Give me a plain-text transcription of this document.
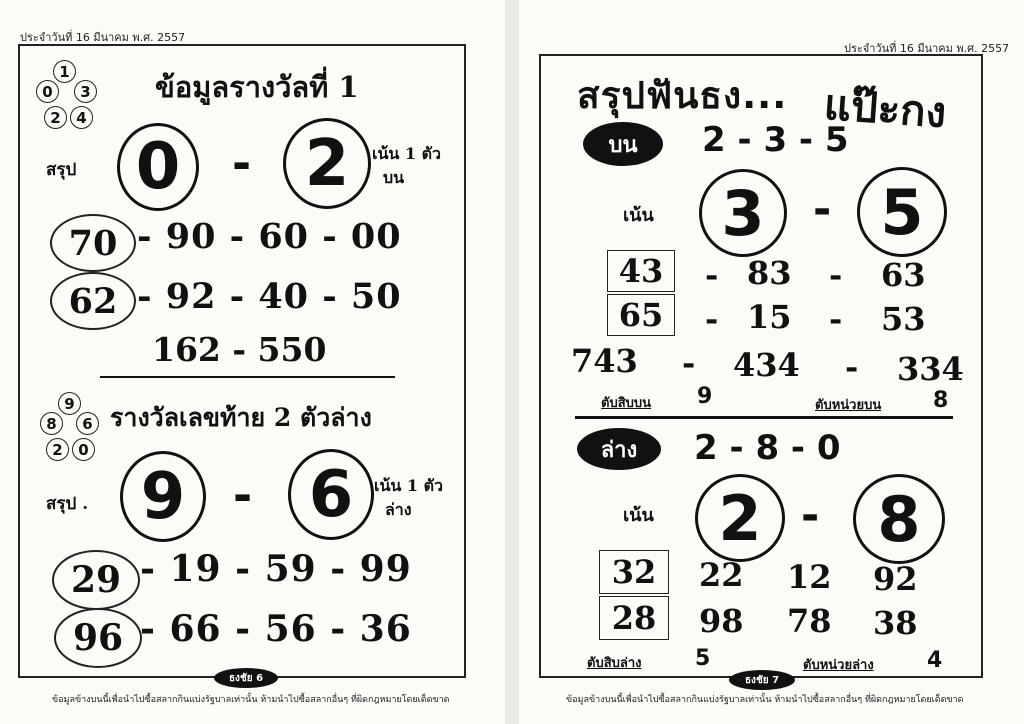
ประจำวันที่ 16 มีนาคม พ.ศ. 2557
1
0	3
2	4
ข้อมูลรางวัลที่ 1
สรุป 0	- 2	เน้น 1 ตัว
บน
70 - 90 - 60 - 00
62 - 92 - 40 - 50
162 - 550
9
8	6
2	0
รางวัลเลขท้าย 2 ตัวล่าง
สรุป . 9	- 6	เน้น 1 ตัว
ล่าง
29 - 19 - 59 - 99
96 - 66 - 56 - 36
ธงชัย 6
ข้อมูลข้างบนนี้เพื่อนำไปซื้อสลากกินแบ่งรัฐบาลเท่านั้น ห้ามนำไปซื้อสลากอื่นๆ ที่ผิดกฎหมายโดยเด็ดขาด
ประจำวันที่ 16 มีนาคม พ.ศ. 2557
สรุปฟันธง... แป๊ะกง
บน	2 - 3 - 5
เน้น	3	- 5
43	- 83 - 63
65	- 15 - 53
743 - 434 - 334
ตับสิบบน 9	ตับหน่วยบน 8
ล่าง	2 - 8 - 0
เน้น	2 - 8
32	22 12 92
28	98 78 38
ตับสิบล่าง 5	ตับหน่วยล่าง 4
ธงชัย 7
ข้อมูลข้างบนนี้เพื่อนำไปซื้อสลากกินแบ่งรัฐบาลเท่านั้น ห้ามนำไปซื้อสลากอื่นๆ ที่ผิดกฎหมายโดยเด็ดขาด
